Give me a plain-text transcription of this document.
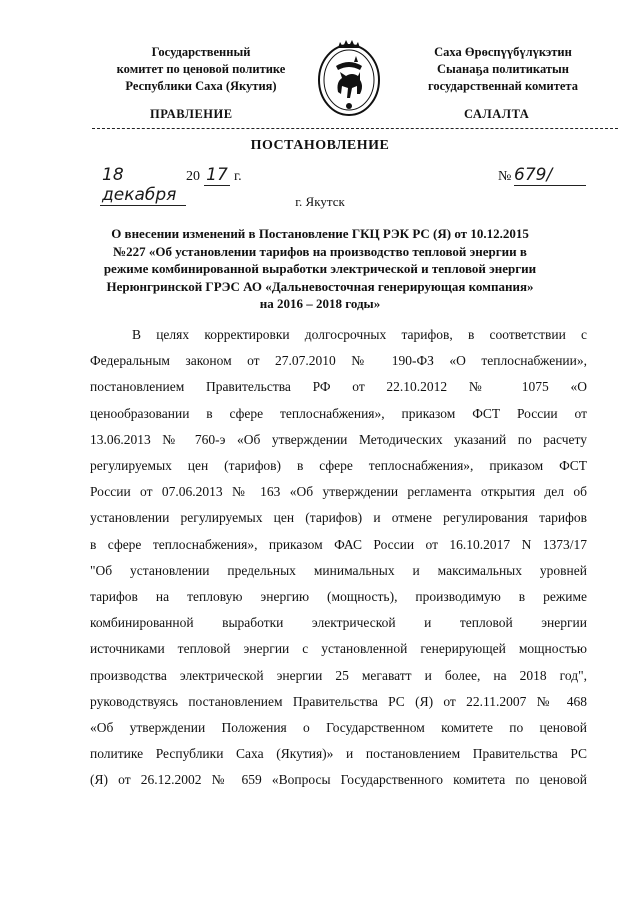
Государственный
комитет по ценовой политике
Республики Саха (Якутия)
Саха Өрөспүүбүлүкэтин
Сыанаҕа политикатын
государственнай комитета
ПРАВЛЕНИЕ	САЛАЛТА
ПОСТАНОВЛЕНИЕ
18 декабря
20 17 г.	№ 679/
г. Якутск
О внесении изменений в Постановление ГКЦ РЭК РС (Я) от 10.12.2015
№227 «Об установлении тарифов на производство тепловой энергии в
режиме комбинированной выработки электрической и тепловой энергии
Нерюнгринской ГРЭС АО «Дальневосточная генерирующая компания»
на 2016 – 2018 годы»
В целях корректировки долгосрочных тарифов, в соответствии с
Федеральным законом от 27.07.2010 № 190-ФЗ «О теплоснабжении»,
постановлением Правительства РФ от 22.10.2012 № 1075 «О
ценообразовании в сфере теплоснабжения», приказом ФСТ России от
13.06.2013 № 760-э «Об утверждении Методических указаний по расчету
регулируемых цен (тарифов) в сфере теплоснабжения», приказом ФСТ
России от 07.06.2013 № 163 «Об утверждении регламента открытия дел об
установлении регулируемых цен (тарифов) и отмене регулирования тарифов
в сфере теплоснабжения», приказом ФАС России от 16.10.2017 N 1373/17
"Об установлении предельных минимальных и максимальных уровней
тарифов на тепловую энергию (мощность), производимую в режиме
комбинированной выработки электрической и тепловой энергии
источниками тепловой энергии с установленной генерирующей мощностью
производства электрической энергии 25 мегаватт и более, на 2018 год",
руководствуясь постановлением Правительства РС (Я) от 22.11.2007 № 468
«Об утверждении Положения о Государственном комитете по ценовой
политике Республики Саха (Якутия)» и постановлением Правительства РС
(Я) от 26.12.2002 № 659 «Вопросы Государственного комитета по ценовой
